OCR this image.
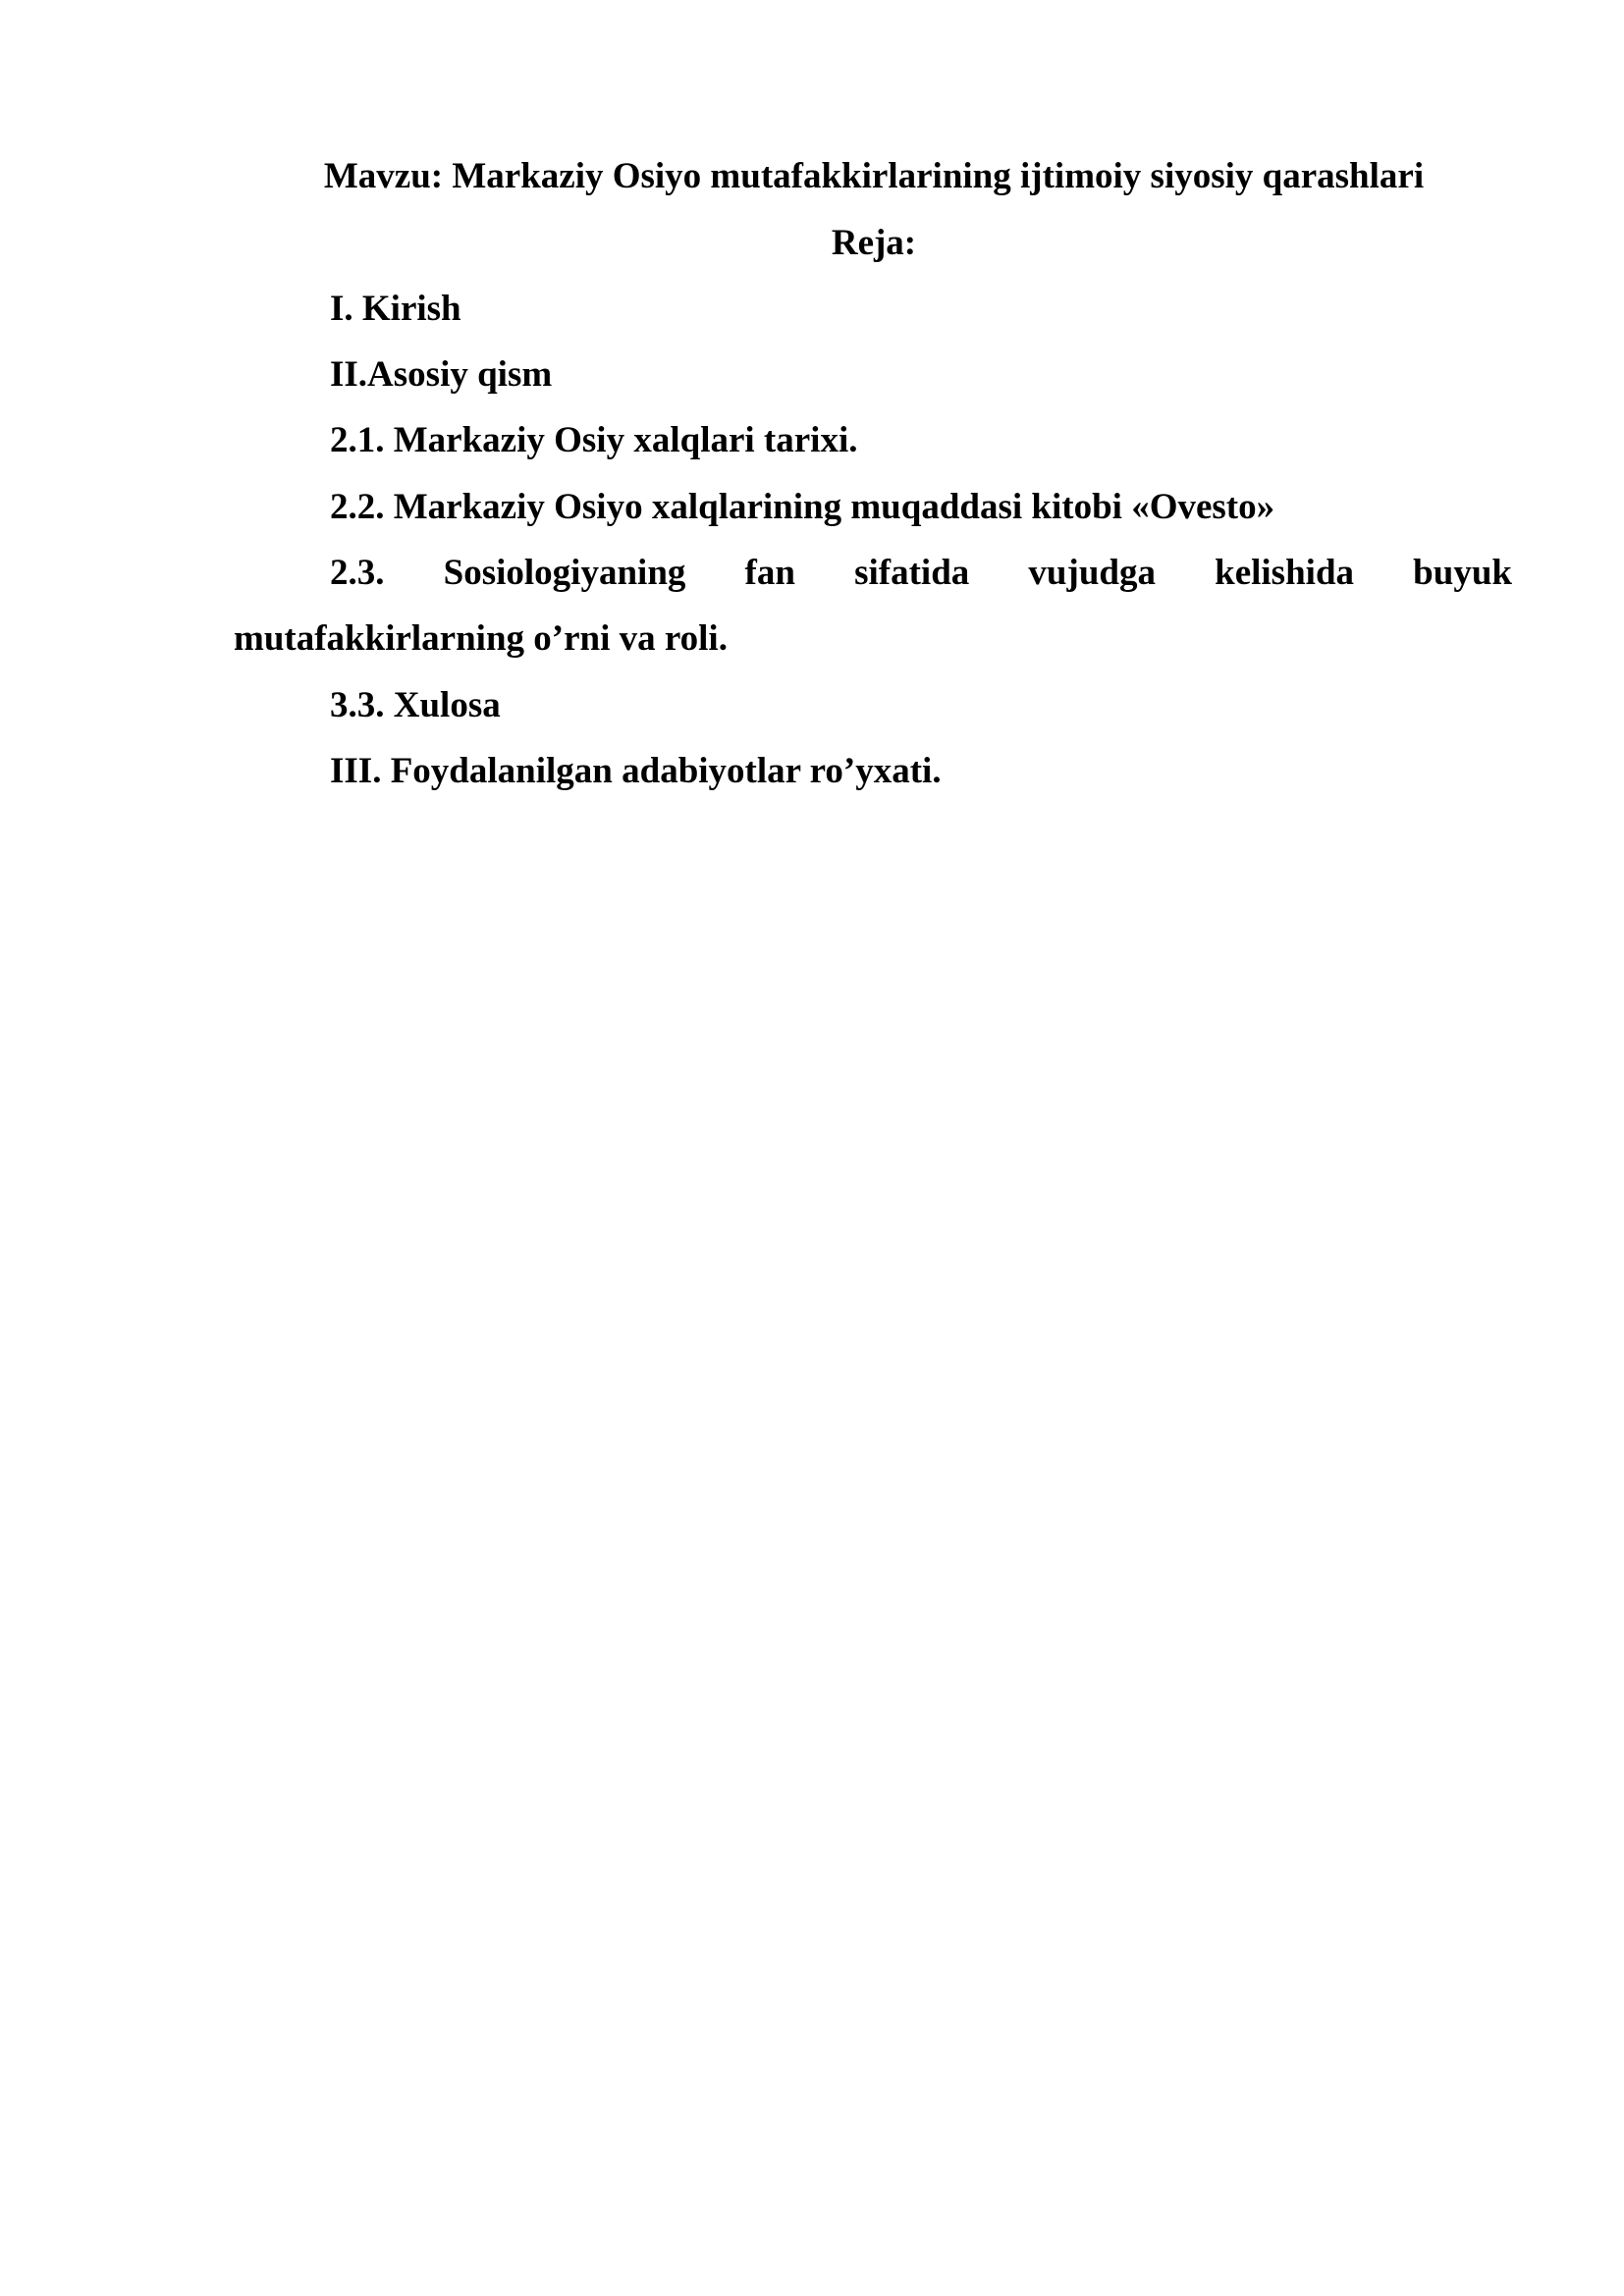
Mavzu: Markaziy Osiyo mutafakkirlarining ijtimoiy siyosiy qarashlari
Reja:
I. Kirish
II.Asosiy qism
2.1. Markaziy Osiy xalqlari tarixi.
2.2. Markaziy Osiyo xalqlarining muqaddasi kitobi «Ovesto»
2.3. Sosiologiyaning fan sifatida vujudga kelishida buyuk
mutafakkirlarning o’rni va roli.
3.3. Xulosa
III. Foydalanilgan adabiyotlar ro’yxati.
